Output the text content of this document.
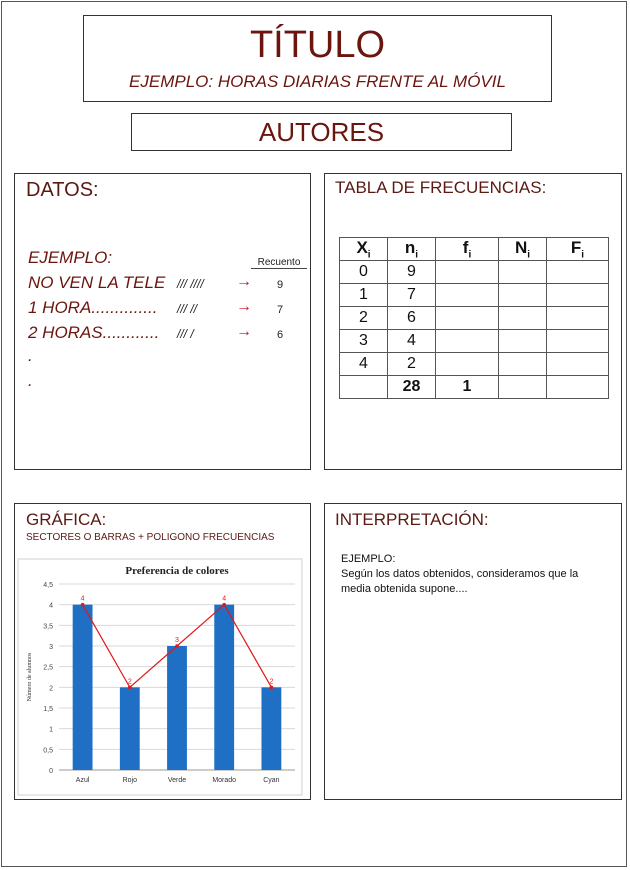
TÍTULO
EJEMPLO: HORAS DIARIAS FRENTE AL MÓVIL
AUTORES
DATOS:
EJEMPLO:	Recuento
NO VEN LA TELE /// //// → 9
1 HORA.............. /// // → 7
2 HORAS............ /// /	→ 6
.
.
TABLA DE FRECUENCIAS:
$X_i$	$n_i$	$f_i$	$N_i$	$F_i$
0	9			
1	7			
2	6			
3	4			
4	2			
	28	1		
GRÁFICA:
SECTORES O BARRAS + POLIGONO FRECUENCIAS
Preferencia de colores
0
0,5
1
1,5
2
2,5
3
3,5
4
4,5
Número de alumnos
Azul	Rojo	Verde	Morado	Cyan
4
2
3
4
2
INTERPRETACIÓN:
EJEMPLO:
Según los datos obtenidos, consideramos que la media obtenida supone....
